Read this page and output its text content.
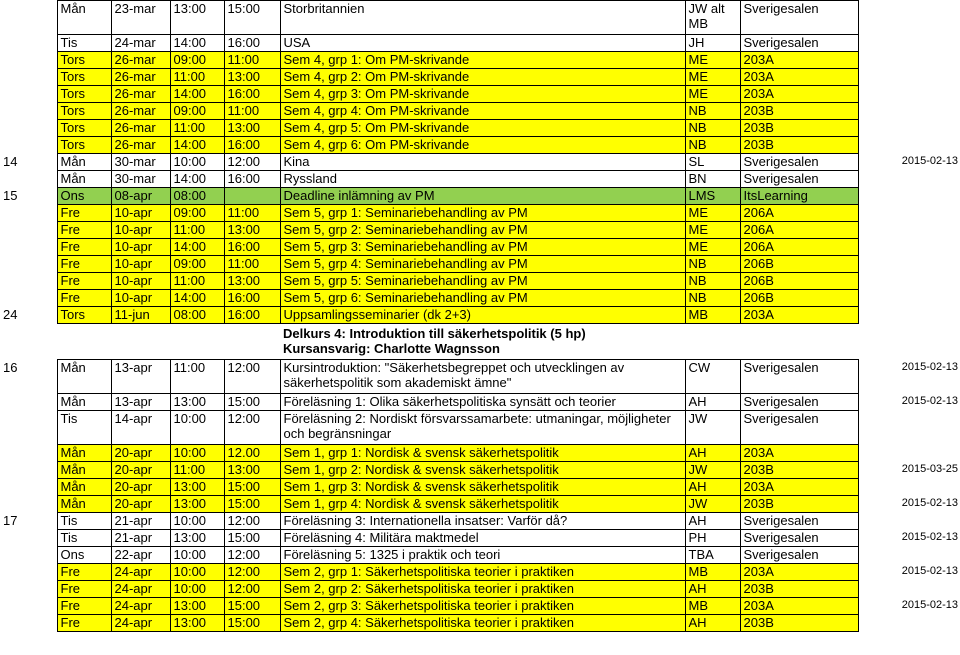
	Mån	23-mar	13:00	15:00	Storbritannien	JW alt MB	Sverigesalen	
	Tis	24-mar	14:00	16:00	USA	JH	Sverigesalen	
	Tors	26-mar	09:00	11:00	Sem 4, grp 1: Om PM-skrivande	ME	203A	
	Tors	26-mar	11:00	13:00	Sem 4, grp 2: Om PM-skrivande	ME	203A	
	Tors	26-mar	14:00	16:00	Sem 4, grp 3: Om PM-skrivande	ME	203A	
	Tors	26-mar	09:00	11:00	Sem 4, grp 4: Om PM-skrivande	NB	203B	
	Tors	26-mar	11:00	13:00	Sem 4, grp 5: Om PM-skrivande	NB	203B	
	Tors	26-mar	14:00	16:00	Sem 4, grp 6: Om PM-skrivande	NB	203B	
14	Mån	30-mar	10:00	12:00	Kina	SL	Sverigesalen	2015-02-13
	Mån	30-mar	14:00	16:00	Ryssland	BN	Sverigesalen	
15	Ons	08-apr	08:00		Deadline inlämning av PM	LMS	ItsLearning	
	Fre	10-apr	09:00	11:00	Sem 5, grp 1: Seminariebehandling av PM	ME	206A	
	Fre	10-apr	11:00	13:00	Sem 5, grp 2: Seminariebehandling av PM	ME	206A	
	Fre	10-apr	14:00	16:00	Sem 5, grp 3: Seminariebehandling av PM	ME	206A	
	Fre	10-apr	09:00	11:00	Sem 5, grp 4: Seminariebehandling av PM	NB	206B	
	Fre	10-apr	11:00	13:00	Sem 5, grp 5: Seminariebehandling av PM	NB	206B	
	Fre	10-apr	14:00	16:00	Sem 5, grp 6: Seminariebehandling av PM	NB	206B	
24	Tors	11-jun	08:00	16:00	Uppsamlingsseminarier (dk 2+3)	MB	203A	

					Delkurs 4: Introduktion till säkerhetspolitik (5 hp)
Kursansvarig: Charlotte Wagnsson			

16	Mån	13-apr	11:00	12:00	Kursintroduktion: "Säkerhetsbegreppet och utvecklingen av säkerhetspolitik som akademiskt ämne"	CW	Sverigesalen	2015-02-13
	Mån	13-apr	13:00	15:00	Föreläsning 1: Olika säkerhetspolitiska synsätt och teorier	AH	Sverigesalen	2015-02-13
	Tis	14-apr	10:00	12:00	Föreläsning 2: Nordiskt försvarssamarbete: utmaningar, möjligheter och begränsningar	JW	Sverigesalen	
	Mån	20-apr	10:00	12.00	Sem 1, grp 1: Nordisk & svensk säkerhetspolitik	AH	203A	
	Mån	20-apr	11:00	13:00	Sem 1, grp 2: Nordisk & svensk säkerhetspolitik	JW	203B	2015-03-25
	Mån	20-apr	13:00	15:00	Sem 1, grp 3: Nordisk & svensk säkerhetspolitik	AH	203A	
	Mån	20-apr	13:00	15:00	Sem 1, grp 4: Nordisk & svensk säkerhetspolitik	JW	203B	2015-02-13
17	Tis	21-apr	10:00	12:00	Föreläsning 3: Internationella insatser: Varför då?	AH	Sverigesalen	
	Tis	21-apr	13:00	15:00	Föreläsning 4: Militära maktmedel	PH	Sverigesalen	2015-02-13
	Ons	22-apr	10:00	12:00	Föreläsning 5: 1325 i praktik och teori	TBA	Sverigesalen	
	Fre	24-apr	10:00	12:00	Sem 2, grp 1: Säkerhetspolitiska teorier i praktiken	MB	203A	2015-02-13
	Fre	24-apr	10:00	12:00	Sem 2, grp 2: Säkerhetspolitiska teorier i praktiken	AH	203B	
	Fre	24-apr	13:00	15:00	Sem 2, grp 3: Säkerhetspolitiska teorier i praktiken	MB	203A	2015-02-13
	Fre	24-apr	13:00	15:00	Sem 2, grp 4: Säkerhetspolitiska teorier i praktiken	AH	203B	
